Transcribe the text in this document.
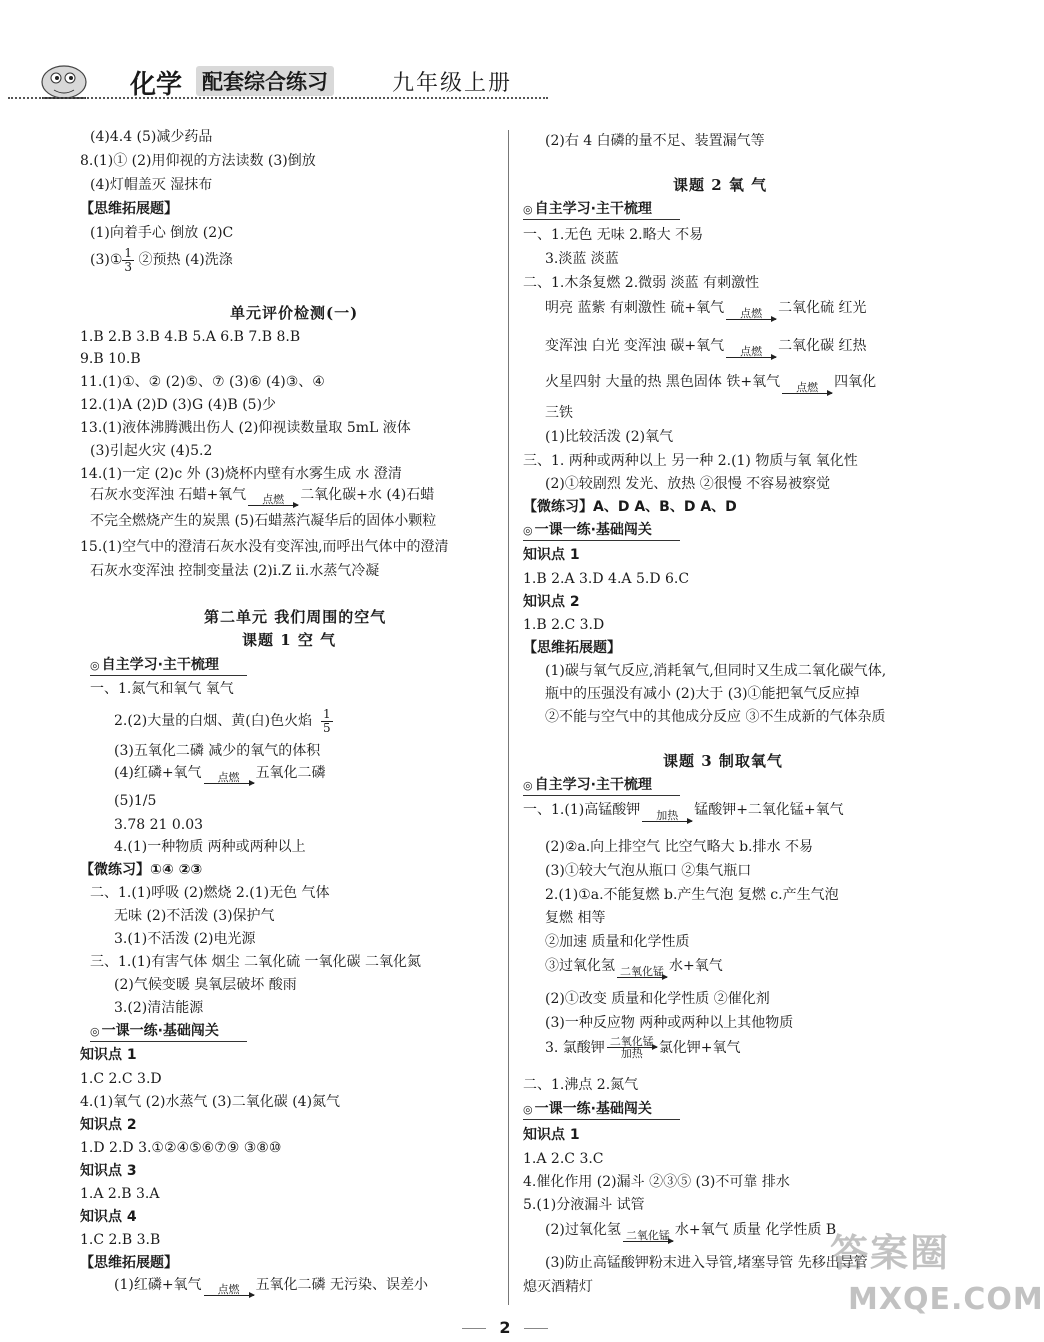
化学 配套综合练习	九年级上册
(4)4.4 (5)减少药品
8.(1)① (2)用仰视的方法读数 (3)倒放
(4)灯帽盖灭 湿抹布
【思维拓展题】
(1)向着手心 倒放 (2)C
(3)① $\frac{1}{3}$ ②预热 (4)洗涤
单元评价检测(一)
1.B 2.B 3.B 4.B 5.A 6.B 7.B 8.B
9.B 10.B
11.(1)①、② (2)⑤、⑦ (3)⑥ (4)③、④
12.(1)A (2)D (3)G (4)B (5)少
13.(1)液体沸腾溅出伤人 (2)仰视读数量取 5mL 液体
(3)引起火灾 (4)5.2
14.(1)一定 (2)c 外 (3)烧杯内壁有水雾生成 水 澄清
石灰水变浑浊 石蜡+氧气	点燃	二氧化碳+水 (4)石蜡
不完全燃烧产生的炭黑 (5)石蜡蒸汽凝华后的固体小颗粒
15.(1)空气中的澄清石灰水没有变浑浊,而呼出气体中的澄清
石灰水变浑浊 控制变量法 (2)ⅰ.Z ⅱ.水蒸气冷凝
第二单元 我们周围的空气
课题 1 空 气
◎ 自主学习·主干梳理
一、1.氮气和氧气 氧气
2.(2)大量的白烟、黄(白)色火焰 $\frac{1}{5}$
(3)五氧化二磷 减少的氧气的体积
(4)红磷+氧气	点燃	五氧化二磷
(5)1/5
3.78 21 0.03
4.(1)一种物质 两种或两种以上
【微练习】①④ ②③
二、1.(1)呼吸 (2)燃烧 2.(1)无色 气体
无味 (2)不活泼 (3)保护气
3.(1)不活泼 (2)电光源
三、1.(1)有害气体 烟尘 二氧化硫 一氧化碳 二氧化氮
(2)气候变暖 臭氧层破坏 酸雨
3.(2)清洁能源
◎ 一课一练·基础闯关
知识点 1
1.C 2.C 3.D
4.(1)氧气 (2)水蒸气 (3)二氧化碳 (4)氮气
知识点 2
1.D 2.D 3.①②④⑤⑥⑦⑨ ③⑧⑩
知识点 3
1.A 2.B 3.A
知识点 4
1.C 2.B 3.B
【思维拓展题】
(1)红磷+氧气	点燃	五氧化二磷 无污染、误差小
(2)右 4 白磷的量不足、装置漏气等
课题 2 氧 气
◎ 自主学习·主干梳理
一、1.无色 无味 2.略大 不易
3.淡蓝 淡蓝
二、1.木条复燃 2.微弱 淡蓝 有刺激性
明亮 蓝紫 有刺激性 硫+氧气	点燃	二氧化硫 红光
变浑浊 白光 变浑浊 碳+氧气	点燃	二氧化碳 红热
火星四射 大量的热 黑色固体 铁+氧气	点燃	四氧化
三铁
(1)比较活泼 (2)氧气
三、1. 两种或两种以上 另一种 2.(1) 物质与氧 氧化性
(2)①较剧烈 发光、放热 ②很慢 不容易被察觉
【微练习】A、D A、B、D A、D
◎ 一课一练·基础闯关
知识点 1
1.B 2.A 3.D 4.A 5.D 6.C
知识点 2
1.B 2.C 3.D
【思维拓展题】
(1)碳与氧气反应,消耗氧气,但同时又生成二氧化碳气体,
瓶中的压强没有减小 (2)大于 (3)①能把氧气反应掉
②不能与空气中的其他成分反应 ③不生成新的气体杂质
课题 3 制取氧气
◎ 自主学习·主干梳理
一、1.(1)高锰酸钾	加热	锰酸钾+二氧化锰+氧气
(2)②a.向上排空气 比空气略大 b.排水 不易
(3)①较大气泡从瓶口 ②集气瓶口
2.(1)①a.不能复燃 b.产生气泡 复燃 c.产生气泡
复燃 相等
②加速 质量和化学性质
③过氧化氢 二氧化锰 水+氧气
(2)①改变 质量和化学性质 ②催化剂
(3)一种反应物 两种或两种以上其他物质
3. 氯酸钾 二氧化锰
加热	氯化钾+氧气
二、1.沸点 2.氮气
◎ 一课一练·基础闯关
知识点 1
1.A 2.C 3.C
4.催化作用 (2)漏斗 ②③⑤ (3)不可靠 排水
5.(1)分液漏斗 试管
(2)过氧化氢 二氧化锰 水+氧气 质量 化学性质 B
(3)防止高锰酸钾粉末进入导管,堵塞导管 先移出导管
熄灭酒精灯
2
答案圈
MXQE.COM
